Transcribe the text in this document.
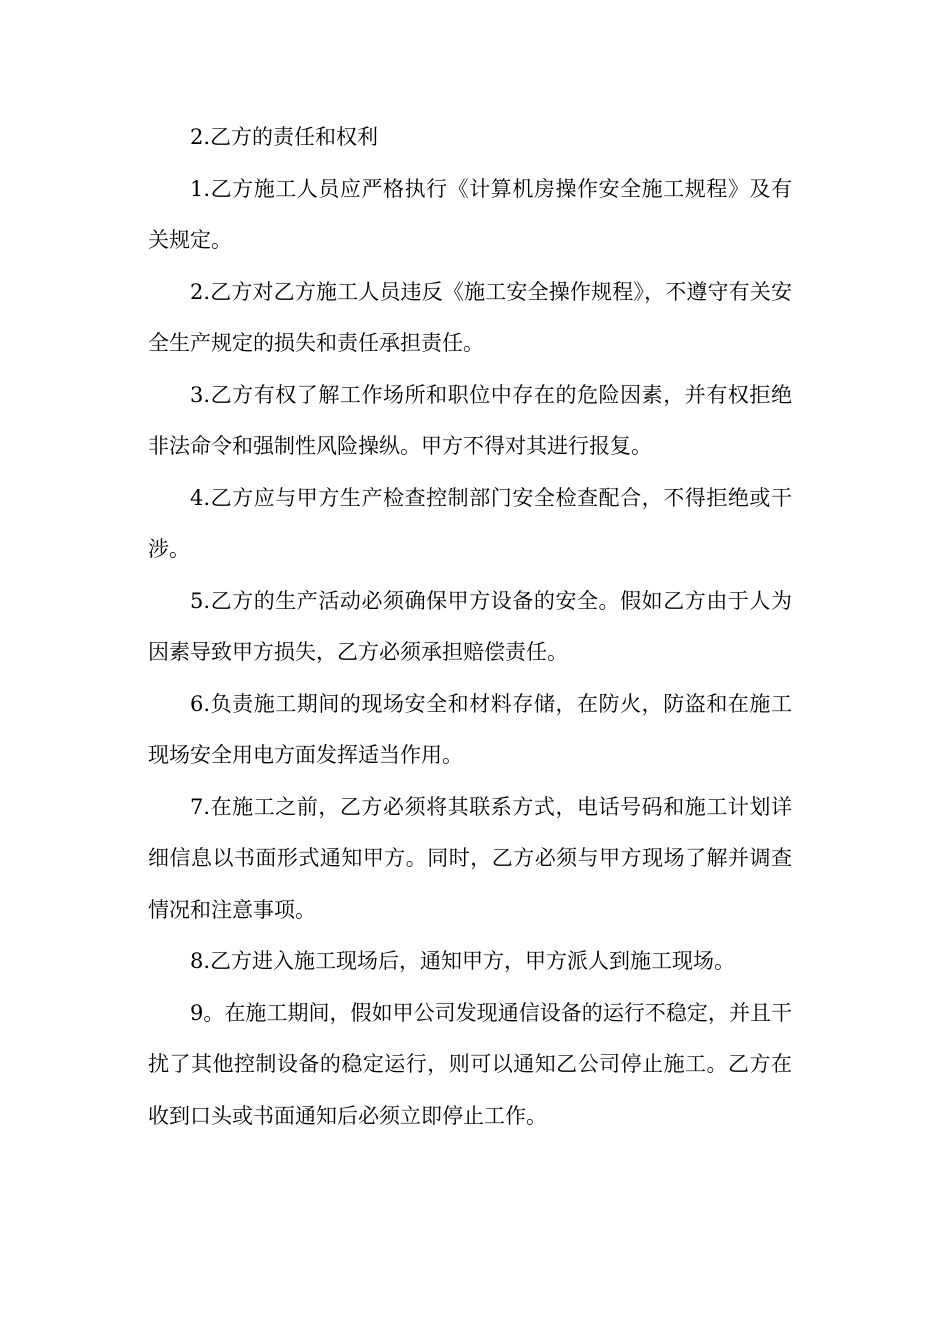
2.乙方的责任和权利

1.乙方施工人员应严格执行《计算机房操作安全施工规程》及有关规定。

2.乙方对乙方施工人员违反《施工安全操作规程》，不遵守有关安全生产规定的损失和责任承担责任。

3.乙方有权了解工作场所和职位中存在的危险因素，并有权拒绝非法命令和强制性风险操纵。甲方不得对其进行报复。

4.乙方应与甲方生产检查控制部门安全检查配合，不得拒绝或干涉。

5.乙方的生产活动必须确保甲方设备的安全。假如乙方由于人为因素导致甲方损失，乙方必须承担赔偿责任。

6.负责施工期间的现场安全和材料存储，在防火，防盗和在施工现场安全用电方面发挥适当作用。

7.在施工之前，乙方必须将其联系方式，电话号码和施工计划详细信息以书面形式通知甲方。同时，乙方必须与甲方现场了解并调查情况和注意事项。

8.乙方进入施工现场后，通知甲方，甲方派人到施工现场。

9。在施工期间，假如甲公司发现通信设备的运行不稳定，并且干扰了其他控制设备的稳定运行，则可以通知乙公司停止施工。乙方在收到口头或书面通知后必须立即停止工作。
